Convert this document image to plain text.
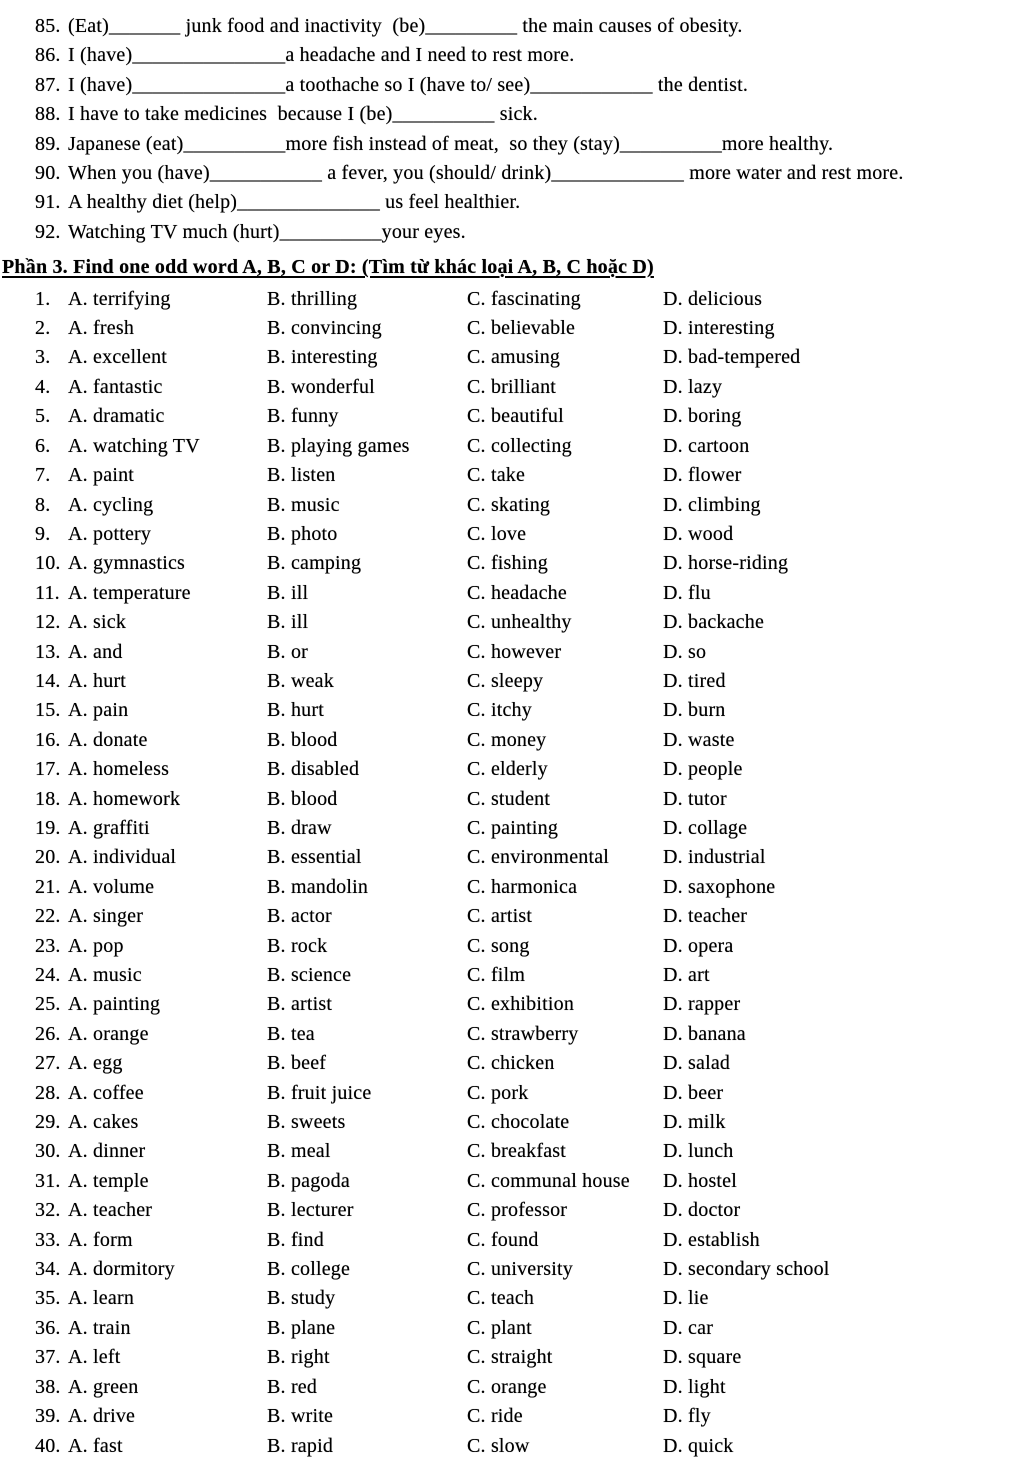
85. (Eat)_______ junk food and inactivity  (be)_________ the main causes of obesity.
86. I (have)_______________a headache and I need to rest more.
87. I (have)_______________a toothache so I (have to/ see)____________ the dentist.
88. I have to take medicines  because I (be)__________ sick.
89. Japanese (eat)__________more fish instead of meat,  so they (stay)__________more healthy.
90. When you (have)___________ a fever, you (should/ drink)_____________ more water and rest more.
91. A healthy diet (help)______________ us feel healthier.
92. Watching TV much (hurt)__________your eyes.
Phần 3. Find one odd word A, B, C or D: (Tìm từ khác loại A, B, C hoặc D)
1. A. terrifying	B. thrilling	C. fascinating	D. delicious
2. A. fresh	B. convincing	C. believable	D. interesting
3. A. excellent	B. interesting	C. amusing	D. bad-tempered
4. A. fantastic	B. wonderful	C. brilliant	D. lazy
5. A. dramatic	B. funny	C. beautiful	D. boring
6. A. watching TV	B. playing games	C. collecting	D. cartoon
7. A. paint	B. listen	C. take	D. flower
8. A. cycling	B. music	C. skating	D. climbing
9. A. pottery	B. photo	C. love	D. wood
10. A. gymnastics	B. camping	C. fishing	D. horse-riding
11. A. temperature	B. ill	C. headache	D. flu
12. A. sick	B. ill	C. unhealthy	D. backache
13. A. and	B. or	C. however	D. so
14. A. hurt	B. weak	C. sleepy	D. tired
15. A. pain	B. hurt	C. itchy	D. burn
16. A. donate	B. blood	C. money	D. waste
17. A. homeless	B. disabled	C. elderly	D. people
18. A. homework	B. blood	C. student	D. tutor
19. A. graffiti	B. draw	C. painting	D. collage
20. A. individual	B. essential	C. environmental	D. industrial
21. A. volume	B. mandolin	C. harmonica	D. saxophone
22. A. singer	B. actor	C. artist	D. teacher
23. A. pop	B. rock	C. song	D. opera
24. A. music	B. science	C. film	D. art
25. A. painting	B. artist	C. exhibition	D. rapper
26. A. orange	B. tea	C. strawberry	D. banana
27. A. egg	B. beef	C. chicken	D. salad
28. A. coffee	B. fruit juice	C. pork	D. beer
29. A. cakes	B. sweets	C. chocolate	D. milk
30. A. dinner	B. meal	C. breakfast	D. lunch
31. A. temple	B. pagoda	C. communal house	D. hostel
32. A. teacher	B. lecturer	C. professor	D. doctor
33. A. form	B. find	C. found	D. establish
34. A. dormitory	B. college	C. university	D. secondary school
35. A. learn	B. study	C. teach	D. lie
36. A. train	B. plane	C. plant	D. car
37. A. left	B. right	C. straight	D. square
38. A. green	B. red	C. orange	D. light
39. A. drive	B. write	C. ride	D. fly
40. A. fast	B. rapid	C. slow	D. quick
